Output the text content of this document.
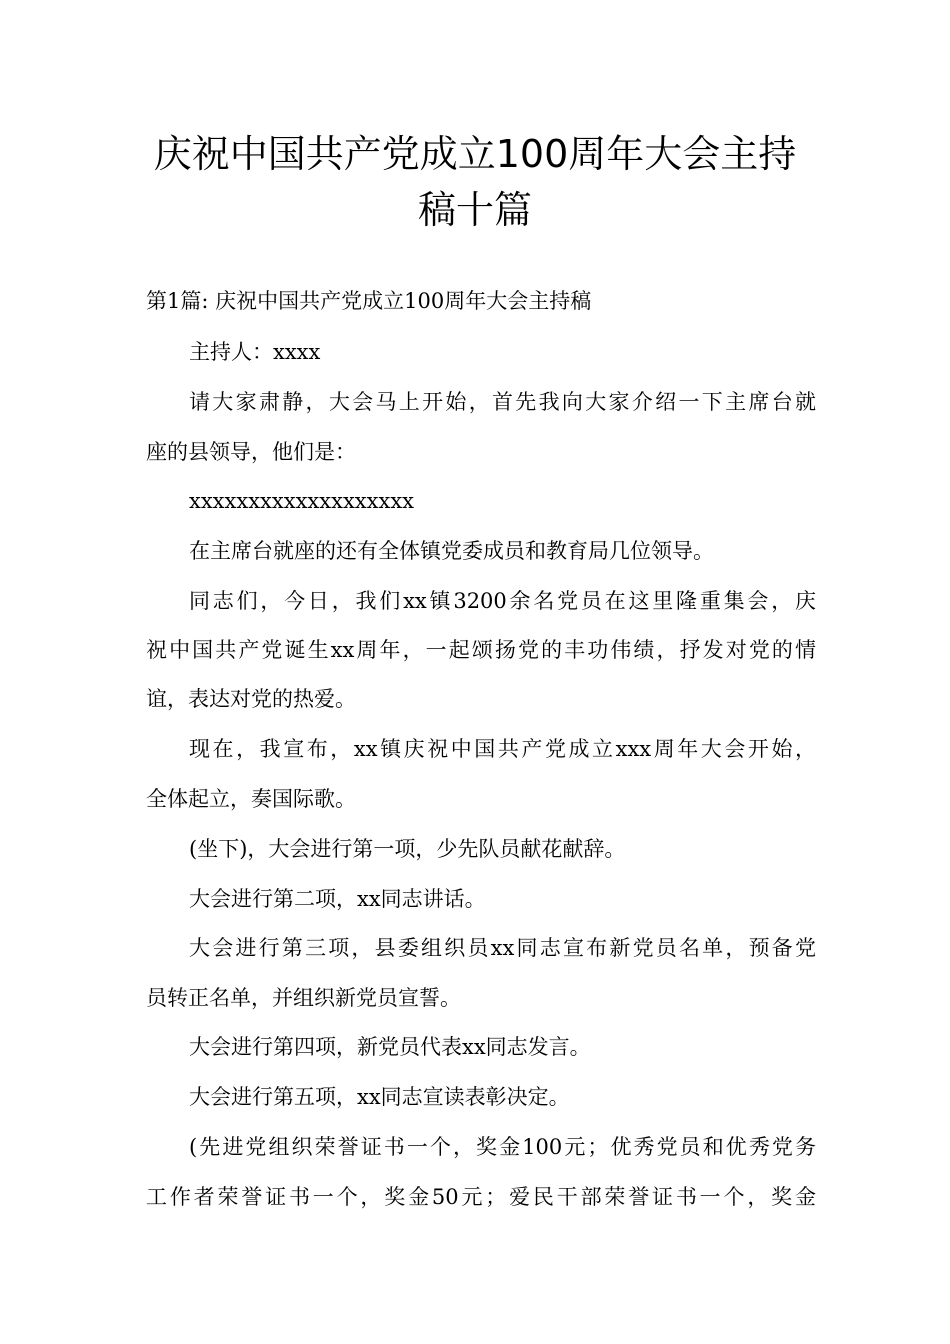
庆祝中国共产党成立100周年大会主持
稿十篇

第1篇: 庆祝中国共产党成立100周年大会主持稿

主持人：xxxx

请大家肃静，大会马上开始，首先我向大家介绍一下主席台就

座的县领导，他们是：

xxxxxxxxxxxxxxxxxxx

在主席台就座的还有全体镇党委成员和教育局几位领导。

同志们，今日，我们xx镇3200余名党员在这里隆重集会，庆

祝中国共产党诞生xx周年，一起颂扬党的丰功伟绩，抒发对党的情

谊，表达对党的热爱。

现在，我宣布，xx镇庆祝中国共产党成立xxx周年大会开始，

全体起立，奏国际歌。

(坐下)，大会进行第一项，少先队员献花献辞。

大会进行第二项，xx同志讲话。

大会进行第三项，县委组织员xx同志宣布新党员名单，预备党

员转正名单，并组织新党员宣誓。

大会进行第四项，新党员代表xx同志发言。

大会进行第五项，xx同志宣读表彰决定。

(先进党组织荣誉证书一个，奖金100元；优秀党员和优秀党务

工作者荣誉证书一个，奖金50元；爱民干部荣誉证书一个，奖金
